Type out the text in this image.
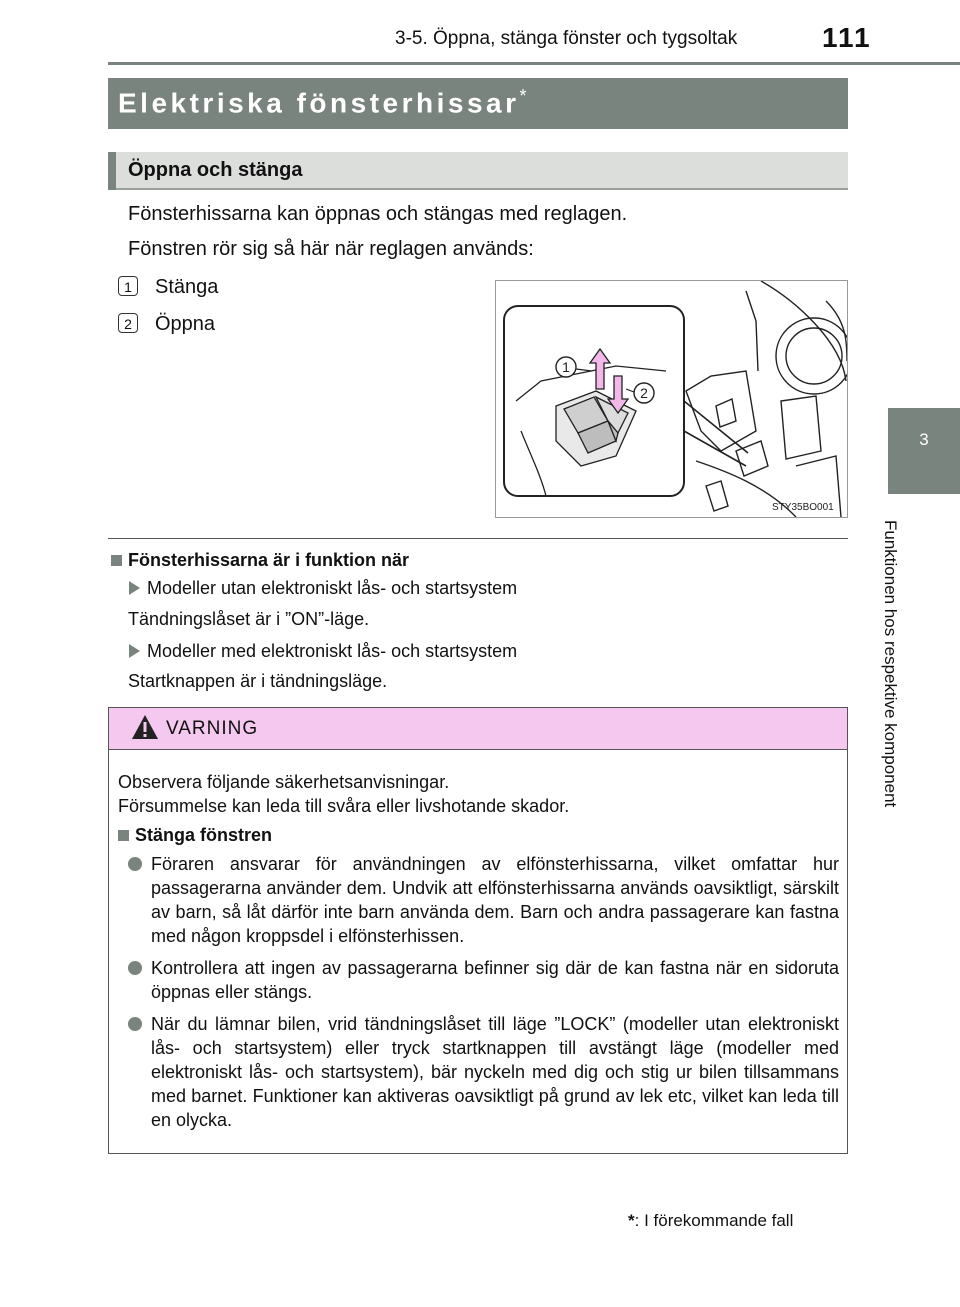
3-5. Öppna, stänga fönster och tygsoltak	111
3
Funktionen hos respektive komponent
Elektriska fönsterhissar*
Öppna och stänga
Fönsterhissarna kan öppnas och stängas med reglagen.
Fönstren rör sig så här när reglagen används:
1	Stänga
2	Öppna
1
2
STY35BO001
Fönsterhissarna är i funktion när
Modeller utan elektroniskt lås- och startsystem
Tändningslåset är i ”ON”-läge.
Modeller med elektroniskt lås- och startsystem
Startknappen är i tändningsläge.
VARNING
Observera följande säkerhetsanvisningar.
Försummelse kan leda till svåra eller livshotande skador.
Stänga fönstren
Föraren ansvarar för användningen av elfönsterhissarna, vilket omfattar hur passagerarna använder dem. Undvik att elfönsterhissarna används oavsiktligt, särskilt av barn, så låt därför inte barn använda dem. Barn och andra passagerare kan fastna med någon kroppsdel i elfönsterhissen.
Kontrollera att ingen av passagerarna befinner sig där de kan fastna när en sidoruta öppnas eller stängs.
När du lämnar bilen, vrid tändningslåset till läge ”LOCK” (modeller utan elektroniskt lås- och startsystem) eller tryck startknappen till avstängt läge (modeller med elektroniskt lås- och startsystem), bär nyckeln med dig och stig ur bilen tillsammans med barnet. Funktioner kan aktiveras oavsiktligt på grund av lek etc, vilket kan leda till en olycka.
*: I förekommande fall
